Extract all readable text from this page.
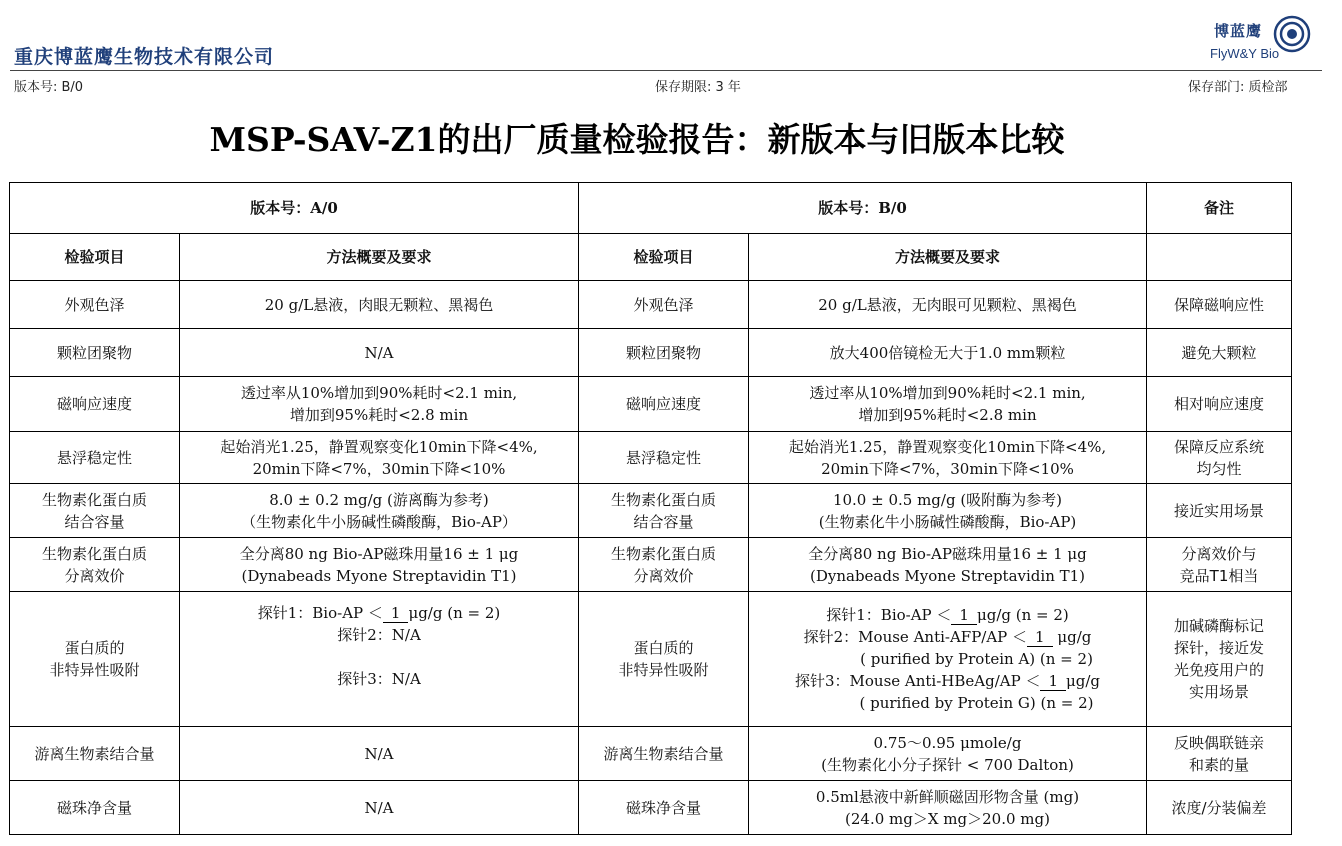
重庆博蓝鹰生物技术有限公司
博蓝鹰
FlyW&Y Bio
版本号: B/0	保存期限: 3 年	保存部门: 质检部
MSP-SAV-Z1的出厂质量检验报告：新版本与旧版本比较
版本号：A/0		版本号：B/0		备注
检验项目	方法概要及要求	检验项目	方法概要及要求	
外观色泽	20 g/L悬液，肉眼无颗粒、黑褐色	外观色泽	20 g/L悬液，无肉眼可见颗粒、黑褐色	保障磁响应性

颗粒团聚物	N/A	颗粒团聚物	放大400倍镜检无大于1.0 mm颗粒	避免大颗粒

磁响应速度	透过率从10%增加到90%耗时<2.1 min,
增加到95%耗时<2.8 min	磁响应速度	透过率从10%增加到90%耗时<2.1 min,
增加到95%耗时<2.8 min	相对响应速度

悬浮稳定性	起始消光1.25，静置观察变化10min下降<4%,
20min下降<7%，30min下降<10%	悬浮稳定性	起始消光1.25，静置观察变化10min下降<4%,
20min下降<7%，30min下降<10%	保障反应系统
均匀性

生物素化蛋白质
结合容量	8.0 ± 0.2 mg/g (游离酶为参考)
（生物素化牛小肠碱性磷酸酶，Bio-AP）	生物素化蛋白质
结合容量	10.0 ± 0.5 mg/g (吸附酶为参考)
(生物素化牛小肠碱性磷酸酶，Bio-AP)	接近实用场景

生物素化蛋白质
分离效价	全分离80 ng Bio-AP磁珠用量16 ± 1 μg
(Dynabeads Myone Streptavidin T1)	生物素化蛋白质
分离效价	全分离80 ng Bio-AP磁珠用量16 ± 1 μg
(Dynabeads Myone Streptavidin T1)	分离效价与
竞品T1相当

蛋白质的
非特异性吸附	探针1：Bio-AP ＜ 1 μg/g (n = 2)
探针2：N/A

探针3：N/A	蛋白质的
非特异性吸附	探针1：Bio-AP ＜ 1 μg/g (n = 2)
探针2：Mouse Anti-AFP/AP ＜ 1 μg/g
( purified by Protein A) (n = 2)
探针3：Mouse Anti-HBeAg/AP ＜ 1 μg/g
( purified by Protein G) (n = 2)	加碱磷酶标记
探针，接近发
光免疫用户的
实用场景

游离生物素结合量	N/A	游离生物素结合量	0.75～0.95 μmole/g
(生物素化小分子探针 < 700 Dalton)	反映偶联链亲
和素的量

磁珠净含量	N/A	磁珠净含量	0.5ml悬液中新鲜顺磁固形物含量 (mg)
(24.0 mg＞X mg＞20.0 mg)	浓度/分装偏差
